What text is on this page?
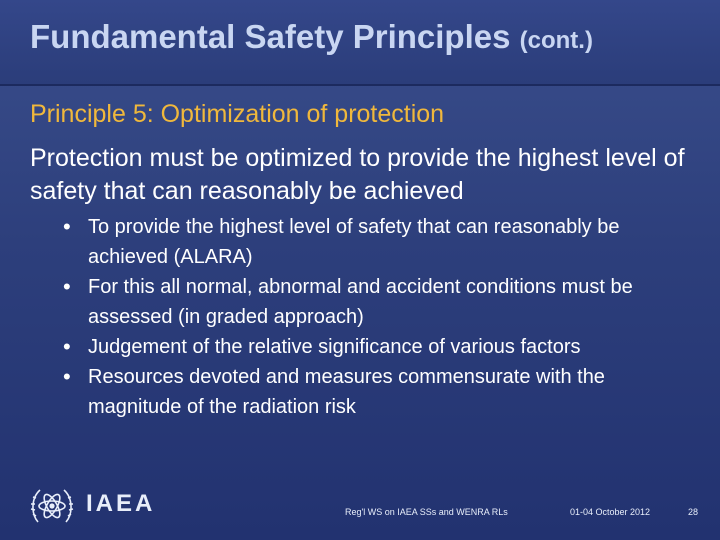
Fundamental Safety Principles (cont.)

Principle 5: Optimization of protection

Protection must be optimized to provide the highest level of safety that can reasonably be achieved

• To provide the highest level of safety that can reasonably be achieved (ALARA)
• For this all normal, abnormal and accident conditions must be assessed (in graded approach)
• Judgement of the relative significance of various factors
• Resources devoted and measures commensurate with the magnitude of the radiation risk
IAEA	Reg'l WS on IAEA SSs and WENRA RLs	01-04 October 2012	28
